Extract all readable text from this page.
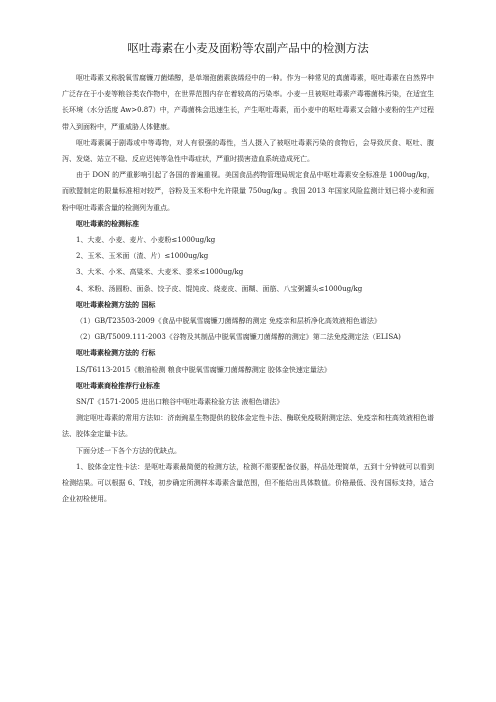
呕吐毒素在小麦及面粉等农副产品中的检测方法

呕吐毒素又称脱氧雪腐镰刀菌烯醇，是单端孢菌素族烯烃中的一种。作为一种常见的真菌毒素，呕吐毒素在自然界中广泛存在于小麦等粮谷类农作物中，在世界范围内存在着较高的污染率。小麦一旦被呕吐毒素产毒霉菌株污染，在适宜生长环境（水分活度 Aw>0.87）中，产毒菌株会迅速生长，产生呕吐毒素，而小麦中的呕吐毒素又会随小麦粉的生产过程带入到面粉中，严重威胁人体健康。

呕吐毒素属于剧毒或中等毒物，对人有很强的毒性，当人摄入了被呕吐毒素污染的食物后，会导致厌食、呕吐、腹泻、发烧、站立不稳、反应迟钝等急性中毒症状，严重时损害造血系统造成死亡。

由于 DON 的严重影响引起了各国的普遍重视。美国食品药物管理局规定食品中呕吐毒素安全标准是 1000ug/kg，而欧盟制定的限量标准相对较严，谷粉及玉米粉中允许限量 750ug/kg 。我国 2013 年国家风险监测计划已将小麦和面粉中呕吐毒素含量的检测列为重点。

呕吐毒素的检测标准

1、大麦、小麦、麦片、小麦粉≤1000ug/kg

2、玉米、玉米面（渣、片）≤1000ug/kg

3、大米、小米、高粱米、大麦米、黍米≤1000ug/kg

4、米粉、汤圆粉、面条、饺子皮、馄饨皮、烧麦皮、面糊、面筋、八宝粥罐头≤1000ug/kg

呕吐毒素检测方法的 国标

（1）GB/T23503-2009《食品中脱氧雪腐镰刀菌烯醇的测定 免疫亲和层析净化高效液相色谱法》

（2）GB/T5009.111-2003《谷物及其制品中脱氧雪腐镰刀菌烯醇的测定》第二法免疫测定法（ELISA)

呕吐毒素检测方法的 行标

LS/T6113-2015《粮油检测 粮食中脱氧雪腐镰刀菌烯醇测定 胶体金快速定量法》

呕吐毒素商检推荐行业标准

SN/T《1571-2005 进出口粮谷中呕吐毒素检验方法 液相色谱法》

测定呕吐毒素的常用方法如：济南豌星生物提供的胶体金定性卡法、酶联免疫吸附测定法、免疫亲和柱高效液相色谱法、胶体金定量卡法。

下面分述一下各个方法的优缺点。

1、胶体金定性卡法：是呕吐毒素最简便的检测方法，检测不需要配备仪器，样品处理简单，五到十分钟就可以看到检测结果。可以根据 6、T线，初步确定所测样本毒素含量范围，但不能给出具体数值。价格最低、没有国标支持，适合企业初检使用。
